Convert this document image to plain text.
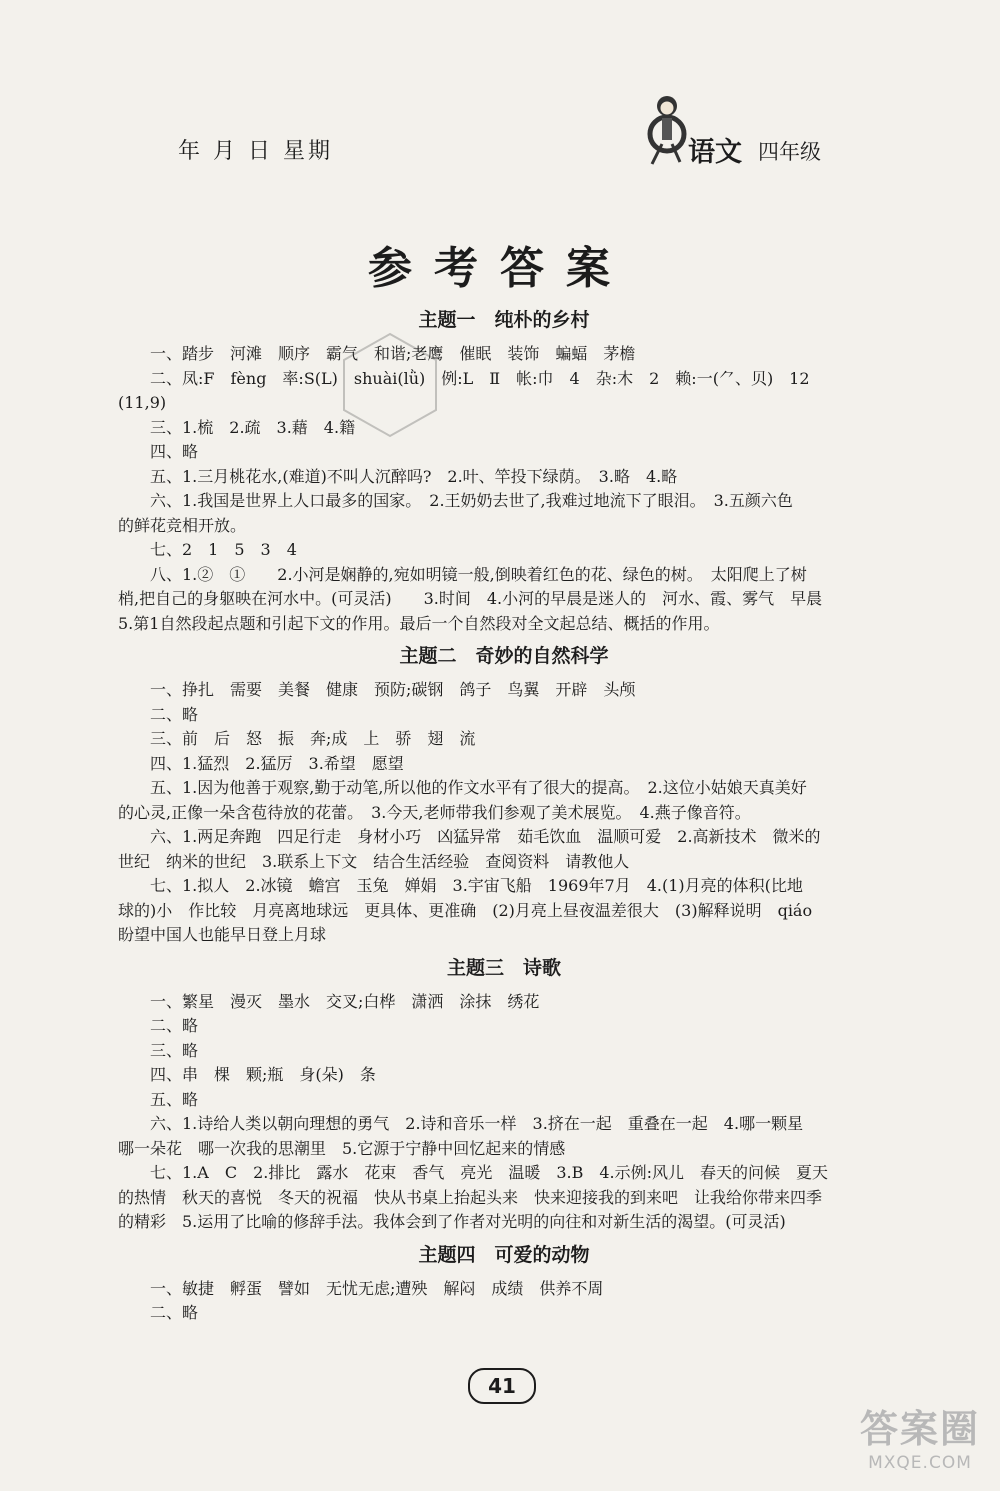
年 月 日 星期	语文 四年级
参考答案
主题一　纯朴的乡村
一、踏步　河滩　顺序　霸气　和谐;老鹰　催眠　装饰　蝙蝠　茅檐
二、凤:F　fèng　率:S(L)　shuài(lǜ)　例:L　Ⅱ　帐:巾　4　杂:木　2　赖:一(⺈、贝)　12
(11,9)
三、1.梳　2.疏　3.藉　4.籍
四、略
五、1.三月桃花水,(难道)不叫人沉醉吗?　2.叶、竿投下绿荫。　3.略　4.略
六、1.我国是世界上人口最多的国家。　2.王奶奶去世了,我难过地流下了眼泪。　3.五颜六色
的鲜花竞相开放。
七、2　1　5　3　4
八、1.②　①　　2.小河是娴静的,宛如明镜一般,倒映着红色的花、绿色的树。　太阳爬上了树
梢,把自己的身躯映在河水中。(可灵活)　　3.时间　4.小河的早晨是迷人的　河水、霞、雾气　早晨
5.第1自然段起点题和引起下文的作用。最后一个自然段对全文起总结、概括的作用。
主题二　奇妙的自然科学
一、挣扎　需要　美餐　健康　预防;碳钢　鸽子　鸟翼　开辟　头颅
二、略
三、前　后　怒　振　奔;成　上　骄　翅　流
四、1.猛烈　2.猛厉　3.希望　愿望
五、1.因为他善于观察,勤于动笔,所以他的作文水平有了很大的提高。　2.这位小姑娘天真美好
的心灵,正像一朵含苞待放的花蕾。　3.今天,老师带我们参观了美术展览。　4.燕子像音符。
六、1.两足奔跑　四足行走　身材小巧　凶猛异常　茹毛饮血　温顺可爱　2.高新技术　微米的
世纪　纳米的世纪　3.联系上下文　结合生活经验　查阅资料　请教他人
七、1.拟人　2.冰镜　蟾宫　玉兔　婵娟　3.宇宙飞船　1969年7月　4.(1)月亮的体积(比地
球的)小　作比较　月亮离地球远　更具体、更准确　(2)月亮上昼夜温差很大　(3)解释说明　qiáo
盼望中国人也能早日登上月球
主题三　诗歌
一、繁星　漫灭　墨水　交叉;白桦　潇洒　涂抹　绣花
二、略
三、略
四、串　棵　颗;瓶　身(朵)　条
五、略
六、1.诗给人类以朝向理想的勇气　2.诗和音乐一样　3.挤在一起　重叠在一起　4.哪一颗星
哪一朵花　哪一次我的思潮里　5.它源于宁静中回忆起来的情感
七、1.A　C　2.排比　露水　花束　香气　亮光　温暖　3.B　4.示例:风儿　春天的问候　夏天
的热情　秋天的喜悦　冬天的祝福　快从书桌上抬起头来　快来迎接我的到来吧　让我给你带来四季
的精彩　5.运用了比喻的修辞手法。我体会到了作者对光明的向往和对新生活的渴望。(可灵活)
主题四　可爱的动物
一、敏捷　孵蛋　譬如　无忧无虑;遭殃　解闷　成绩　供养不周
二、略
41
答案圈
MXQE.COM
